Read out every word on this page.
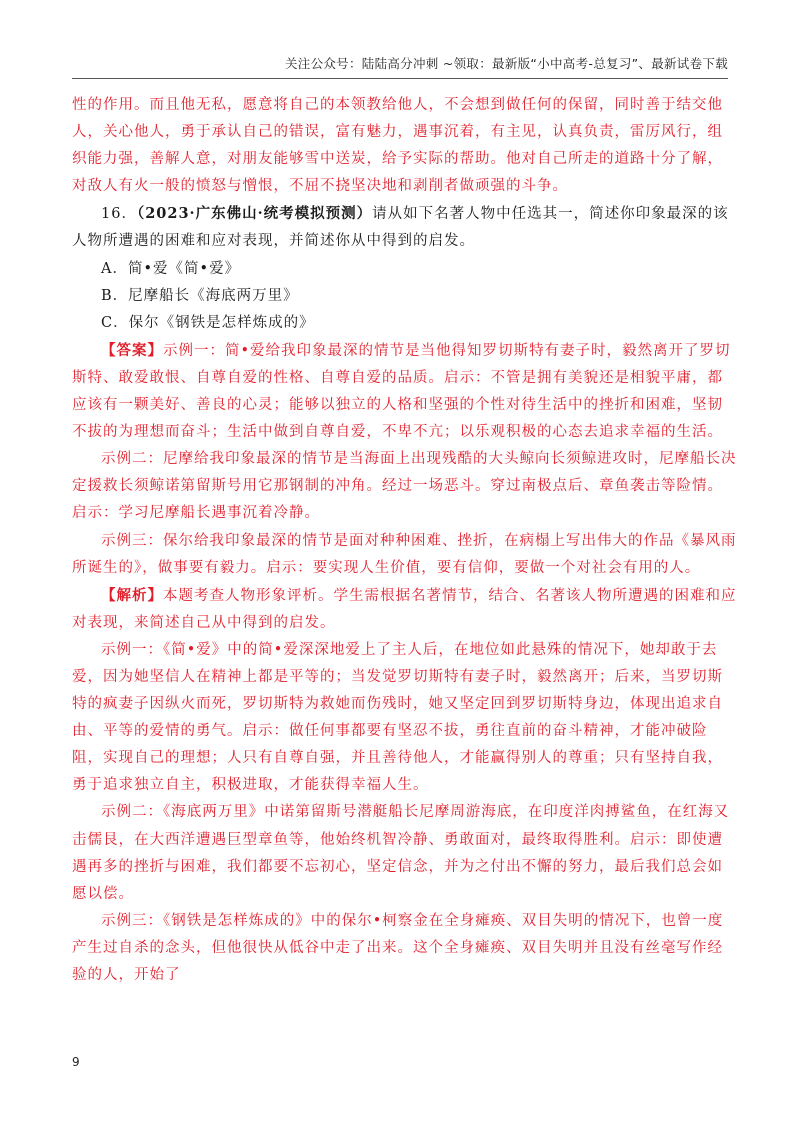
关注公众号：陆陆高分冲刺 ~领取：最新版“小中高考-总复习”、最新试卷下载

性的作用。而且他无私，愿意将自己的本领教给他人，不会想到做任何的保留，同时善于结交他人，关心他人，勇于承认自己的错误，富有魅力，遇事沉着，有主见，认真负责，雷厉风行，组织能力强，善解人意，对朋友能够雪中送炭，给予实际的帮助。他对自己所走的道路十分了解，对敌人有火一般的愤怒与憎恨，不屈不挠坚决地和剥削者做顽强的斗争。

16．（2023·广东佛山·统考模拟预测）请从如下名著人物中任选其一，简述你印象最深的该人物所遭遇的困难和应对表现，并简述你从中得到的启发。

A．简•爱《简•爱》

B．尼摩船长《海底两万里》

C．保尔《钢铁是怎样炼成的》

【答案】示例一：简•爱给我印象最深的情节是当他得知罗切斯特有妻子时，毅然离开了罗切斯特、敢爱敢恨、自尊自爱的性格、自尊自爱的品质。启示：不管是拥有美貌还是相貌平庸，都应该有一颗美好、善良的心灵；能够以独立的人格和坚强的个性对待生活中的挫折和困难，坚韧不拔的为理想而奋斗；生活中做到自尊自爱，不卑不亢；以乐观积极的心态去追求幸福的生活。

示例二：尼摩给我印象最深的情节是当海面上出现残酷的大头鲸向长须鲸进攻时，尼摩船长决定援救长须鲸诺第留斯号用它那钢制的冲角。经过一场恶斗。穿过南极点后、章鱼袭击等险情。启示：学习尼摩船长遇事沉着冷静。

示例三：保尔给我印象最深的情节是面对种种困难、挫折，在病榻上写出伟大的作品《暴风雨所诞生的》，做事要有毅力。启示：要实现人生价值，要有信仰，要做一个对社会有用的人。

【解析】本题考查人物形象评析。学生需根据名著情节，结合、名著该人物所遭遇的困难和应对表现，来简述自己从中得到的启发。

示例一：《简•爱》中的简•爱深深地爱上了主人后，在地位如此悬殊的情况下，她却敢于去爱，因为她坚信人在精神上都是平等的；当发觉罗切斯特有妻子时，毅然离开；后来，当罗切斯特的疯妻子因纵火而死，罗切斯特为救她而伤残时，她又坚定回到罗切斯特身边，体现出追求自由、平等的爱情的勇气。启示：做任何事都要有坚忍不拔，勇往直前的奋斗精神，才能冲破险阻，实现自己的理想；人只有自尊自强，并且善待他人，才能赢得别人的尊重；只有坚持自我，勇于追求独立自主，积极进取，才能获得幸福人生。

示例二：《海底两万里》中诺第留斯号潜艇船长尼摩周游海底，在印度洋肉搏鲨鱼，在红海又击儒艮，在大西洋遭遇巨型章鱼等，他始终机智冷静、勇敢面对，最终取得胜利。启示：即使遭遇再多的挫折与困难，我们都要不忘初心，坚定信念，并为之付出不懈的努力，最后我们总会如愿以偿。

示例三：《钢铁是怎样炼成的》中的保尔•柯察金在全身瘫痪、双目失明的情况下，也曾一度产生过自杀的念头，但他很快从低谷中走了出来。这个全身瘫痪、双目失明并且没有丝毫写作经验的人，开始了

9
